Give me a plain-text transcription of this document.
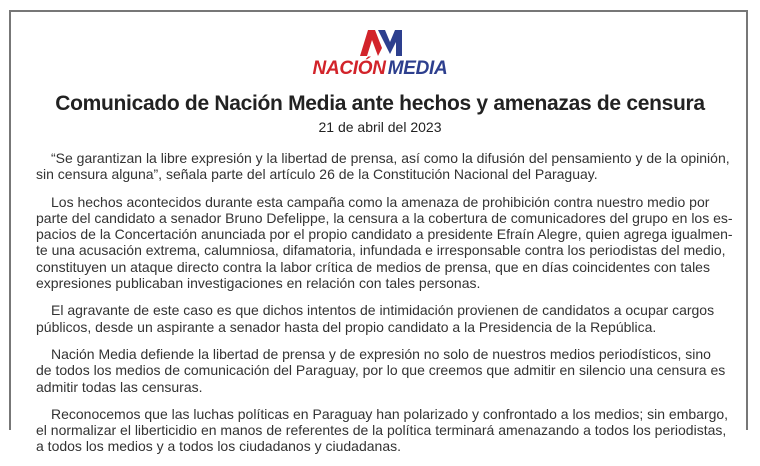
NACIÓN MEDIA
Comunicado de Nación Media ante hechos y amenazas de censura
21 de abril del 2023
“Se garantizan la libre expresión y la libertad de prensa, así como la difusión del pensamiento y de la opinión,
sin censura alguna”, señala parte del artículo 26 de la Constitución Nacional del Paraguay.
Los hechos acontecidos durante esta campaña como la amenaza de prohibición contra nuestro medio por
parte del candidato a senador Bruno Defelippe, la censura a la cobertura de comunicadores del grupo en los es-
pacios de la Concertación anunciada por el propio candidato a presidente Efraín Alegre, quien agrega igualmen-
te una acusación extrema, calumniosa, difamatoria, infundada e irresponsable contra los periodistas del medio,
constituyen un ataque directo contra la labor crítica de medios de prensa, que en días coincidentes con tales
expresiones publicaban investigaciones en relación con tales personas.
El agravante de este caso es que dichos intentos de intimidación provienen de candidatos a ocupar cargos
públicos, desde un aspirante a senador hasta del propio candidato a la Presidencia de la República.
Nación Media defiende la libertad de prensa y de expresión no solo de nuestros medios periodísticos, sino
de todos los medios de comunicación del Paraguay, por lo que creemos que admitir en silencio una censura es
admitir todas las censuras.
Reconocemos que las luchas políticas en Paraguay han polarizado y confrontado a los medios; sin embargo,
el normalizar el liberticidio en manos de referentes de la política terminará amenazando a todos los periodistas,
a todos los medios y a todos los ciudadanos y ciudadanas.
